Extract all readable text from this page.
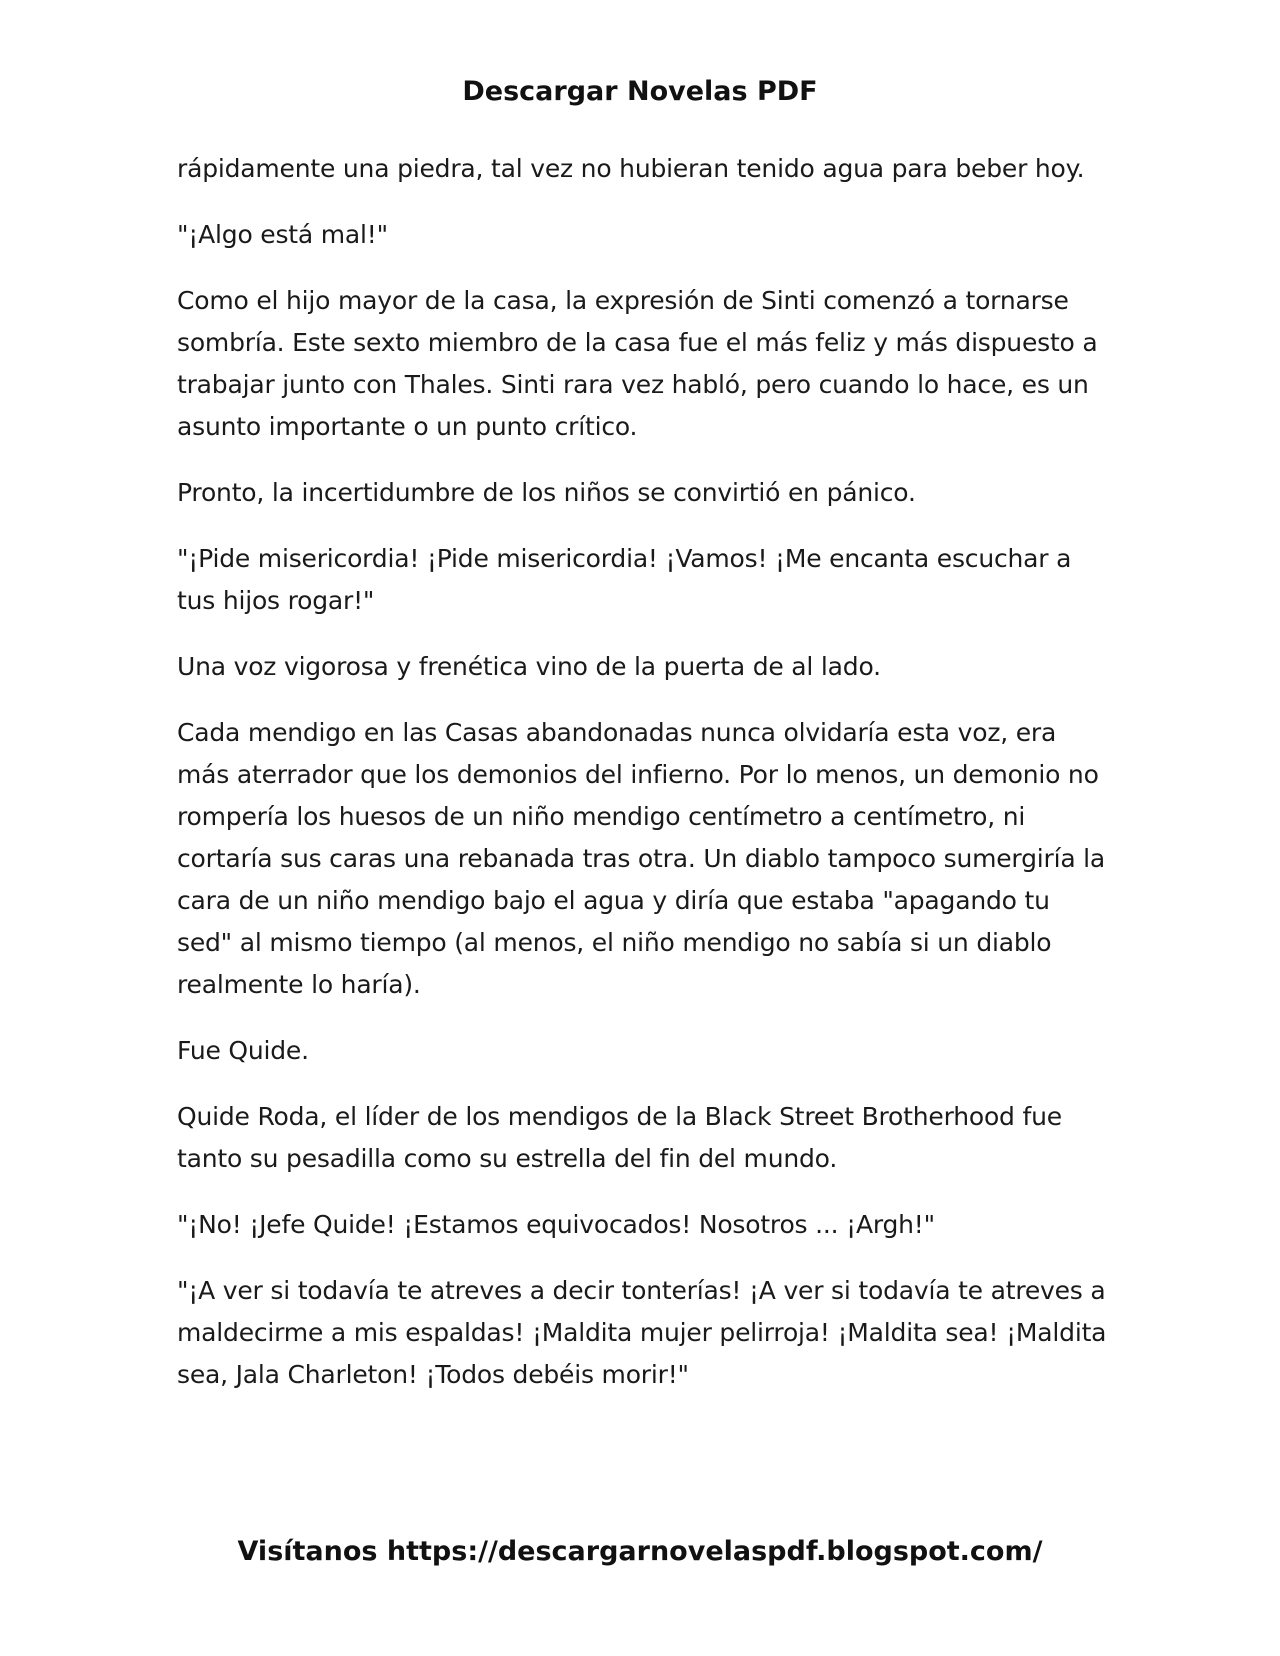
Descargar Novelas PDF

rápidamente una piedra, tal vez no hubieran tenido agua para beber hoy.

"¡Algo está mal!"

Como el hijo mayor de la casa, la expresión de Sinti comenzó a tornarse sombría. Este sexto miembro de la casa fue el más feliz y más dispuesto a trabajar junto con Thales. Sinti rara vez habló, pero cuando lo hace, es un asunto importante o un punto crítico.

Pronto, la incertidumbre de los niños se convirtió en pánico.

"¡Pide misericordia! ¡Pide misericordia! ¡Vamos! ¡Me encanta escuchar a tus hijos rogar!"

Una voz vigorosa y frenética vino de la puerta de al lado.

Cada mendigo en las Casas abandonadas nunca olvidaría esta voz, era más aterrador que los demonios del infierno. Por lo menos, un demonio no rompería los huesos de un niño mendigo centímetro a centímetro, ni cortaría sus caras una rebanada tras otra. Un diablo tampoco sumergiría la cara de un niño mendigo bajo el agua y diría que estaba "apagando tu sed" al mismo tiempo (al menos, el niño mendigo no sabía si un diablo realmente lo haría).

Fue Quide.

Quide Roda, el líder de los mendigos de la Black Street Brotherhood fue tanto su pesadilla como su estrella del fin del mundo.

"¡No! ¡Jefe Quide! ¡Estamos equivocados! Nosotros ... ¡Argh!"

"¡A ver si todavía te atreves a decir tonterías! ¡A ver si todavía te atreves a maldecirme a mis espaldas! ¡Maldita mujer pelirroja! ¡Maldita sea! ¡Maldita sea, Jala Charleton! ¡Todos debéis morir!"

Visítanos https://descargarnovelaspdf.blogspot.com/
